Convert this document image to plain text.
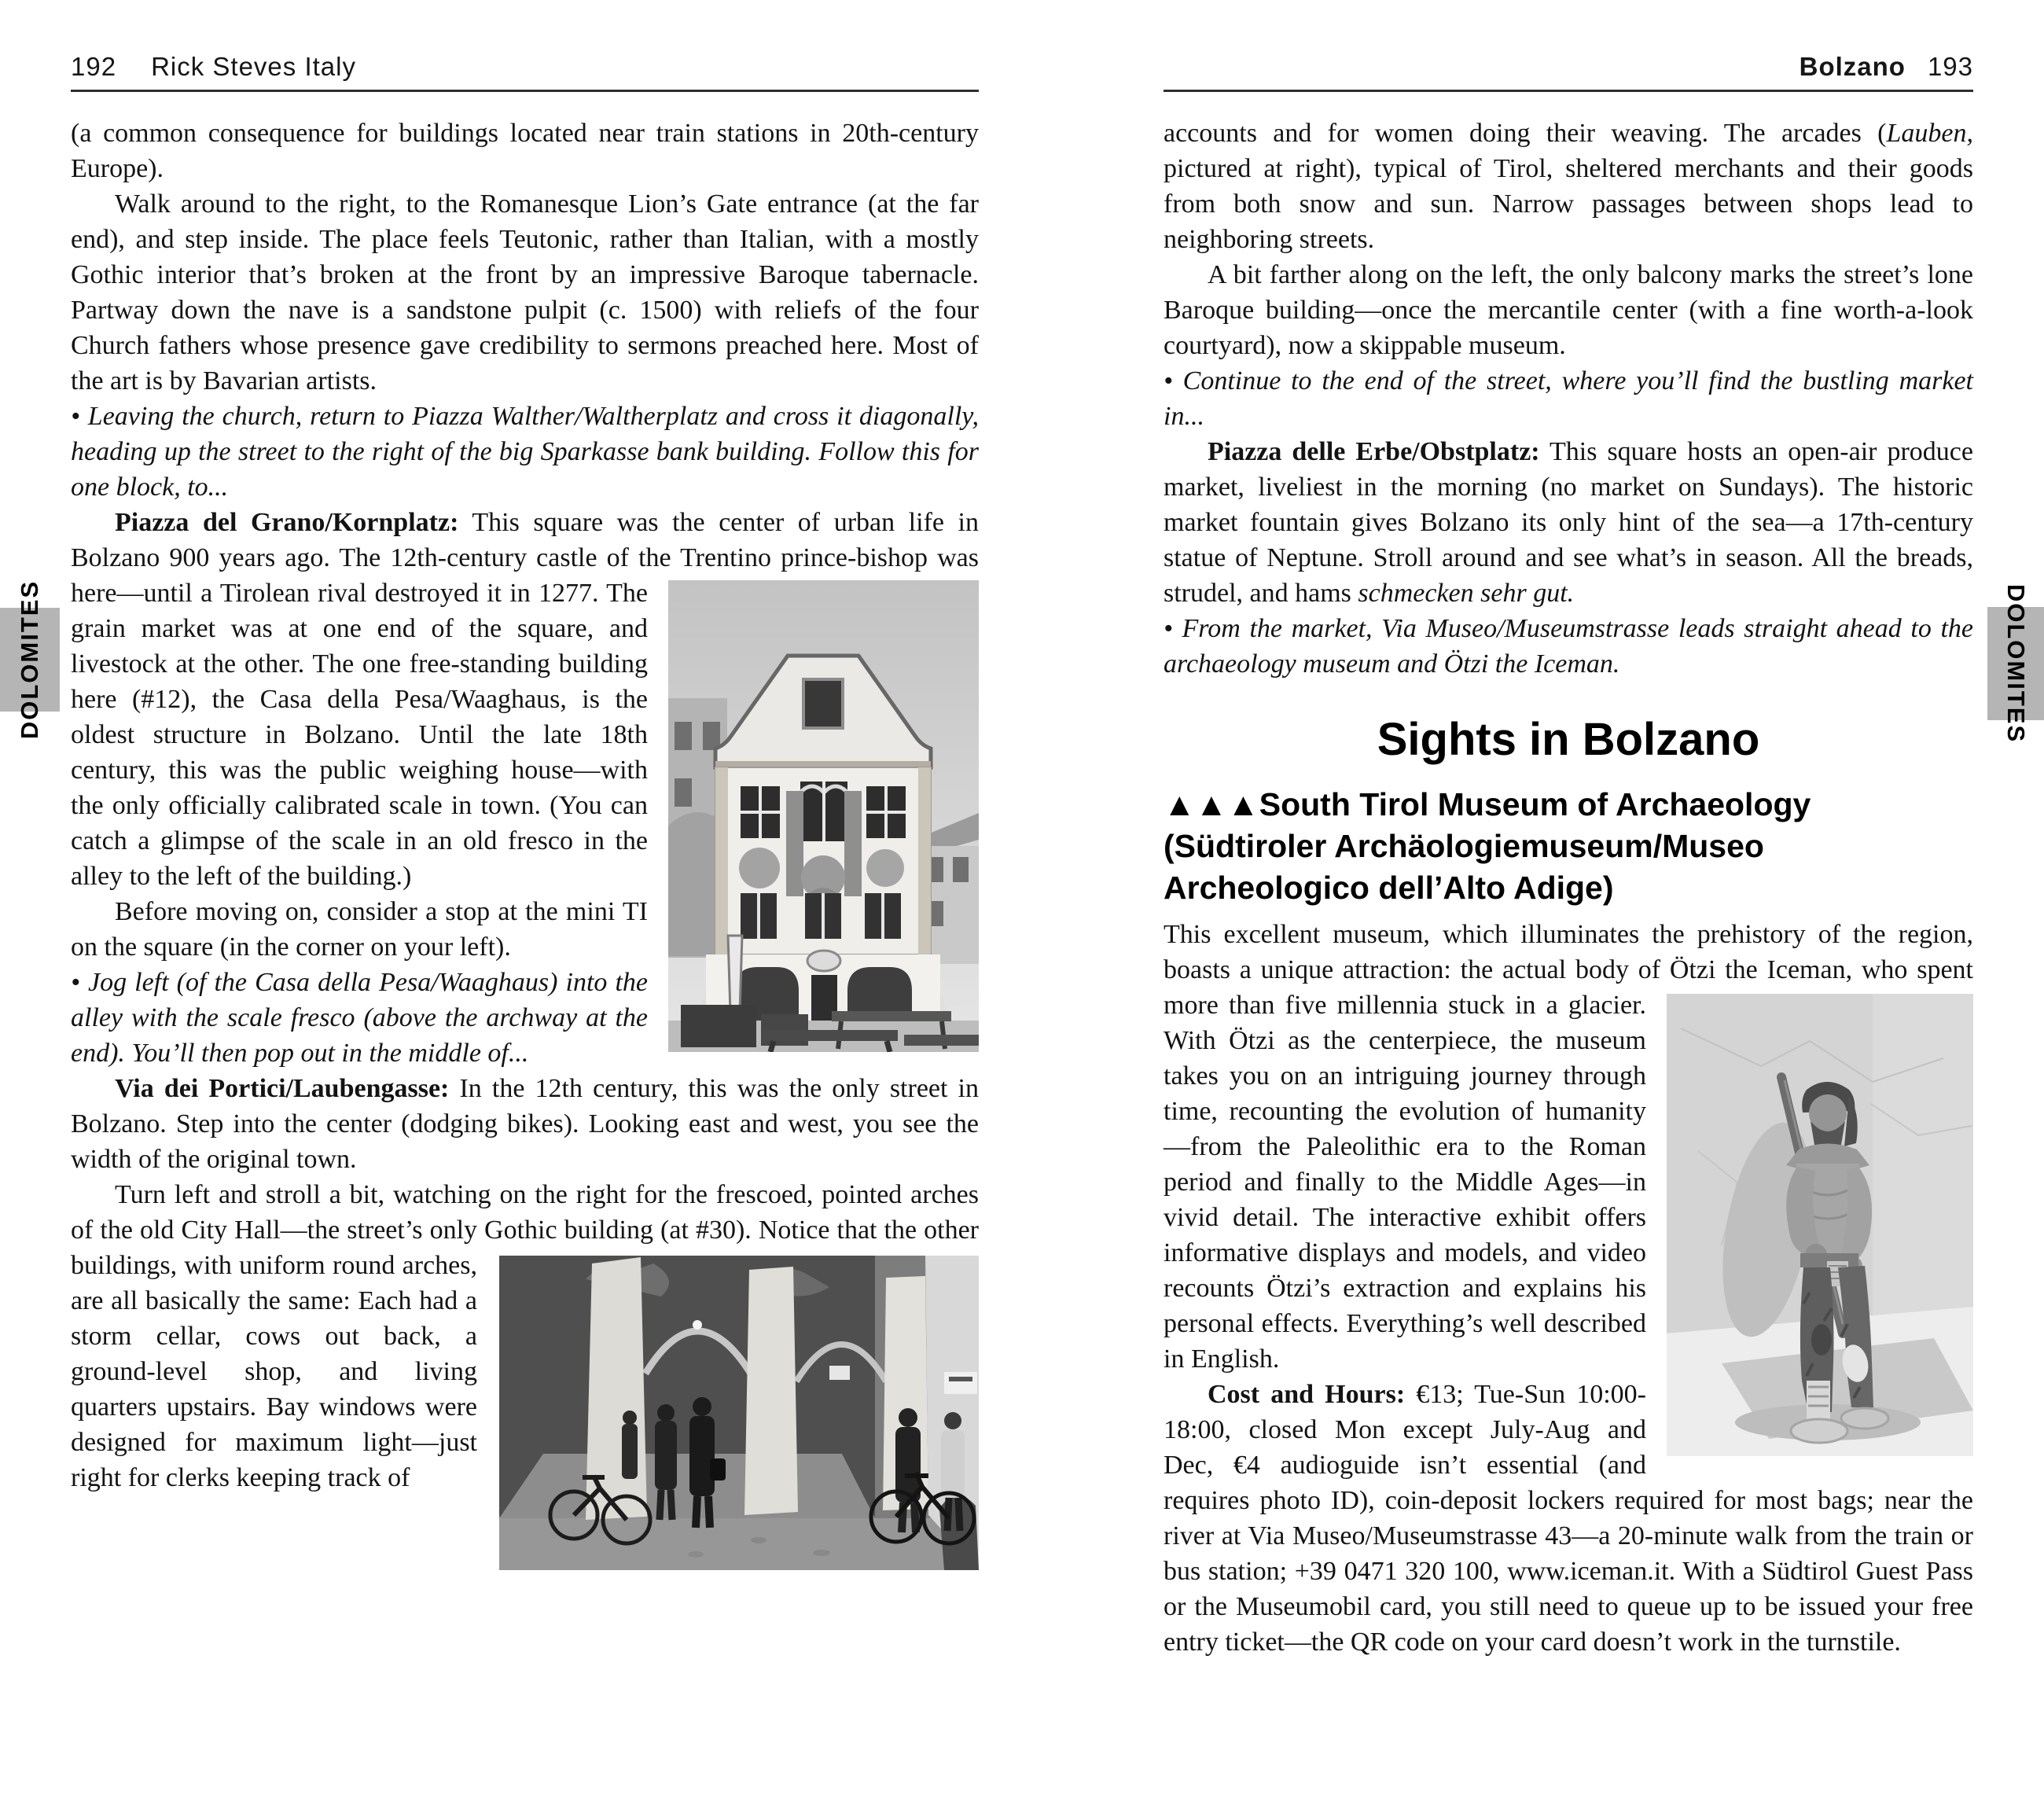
192 Rick Steves Italy

(a common consequence for buildings located near train stations in 20th-century Europe).

Walk around to the right, to the Romanesque Lion’s Gate entrance (at the far end), and step inside. The place feels Teutonic, rather than Italian, with a mostly Gothic interior that’s broken at the front by an impressive Baroque tabernacle. Partway down the nave is a sandstone pulpit (c. 1500) with reliefs of the four Church fathers whose presence gave credibility to sermons preached here. Most of the art is by Bavarian artists.

• Leaving the church, return to Piazza Walther/Waltherplatz and cross it diagonally, heading up the street to the right of the big Sparkasse bank building. Follow this for one block, to...

Piazza del Grano/Kornplatz: This square was the center of urban life in Bolzano 900 years ago. The 12th-century castle of the Trentino prince-bishop was here—until
a Tirolean rival destroyed it in 1277. The grain market was at one end of the square, and livestock at the other. The one free-standing building here (#12), the Casa della Pesa/Waaghaus, is the oldest structure in Bolzano. Until the late 18th century, this was the public weighing house—with the only officially calibrated scale in town. (You can catch a glimpse of the scale in an old fresco in the alley to the left of the building.)

Before moving on, consider a stop at the mini TI on the square (in the corner on your left).

• Jog left (of the Casa della Pesa/Waaghaus) into the alley with the scale fresco (above the archway at the end). You’ll then pop out in the middle of...

Via dei Portici/Laubengasse: In the 12th century, this was the only street in Bolzano. Step into the center (dodging bikes). Looking east and west, you see the width of the original town.

Turn left and stroll a bit, watching on the right for the frescoed, pointed arches of the old City Hall—the street’s only Gothic
building (at #30). Notice that the other buildings, with uniform round arches, are all basically the same: Each had a storm cellar, cows out back, a ground-level shop, and living quarters upstairs. Bay windows were designed for maximum light—just right for clerks keeping track of

Bolzano 193

accounts and for women doing their weaving. The arcades (Lauben, pictured at right), typical of Tirol, sheltered merchants and their goods from both snow and sun. Narrow passages between shops lead to neighboring streets.

A bit farther along on the left, the only balcony marks the street’s lone Baroque building—once the mercantile center (with a fine worth-a-look courtyard), now a skippable museum.

• Continue to the end of the street, where you’ll find the bustling market in...

Piazza delle Erbe/Obstplatz: This square hosts an open-air produce market, liveliest in the morning (no market on Sundays). The historic market fountain gives Bolzano its only hint of the sea—a 17th-century statue of Neptune. Stroll around and see what’s in season. All the breads, strudel, and hams schmecken sehr gut.

• From the market, Via Museo/Museumstrasse leads straight ahead to the archaeology museum and Ötzi the Iceman.

Sights in Bolzano
▲▲▲South Tirol Museum of Archaeology (Südtiroler Archäologiemuseum/Museo Archeologico dell’Alto Adige)

This excellent museum, which illuminates the prehistory of the region, boasts a unique attraction: the actual body of Ötzi the Iceman,
who spent more than five millennia stuck in a glacier. With Ötzi as the centerpiece, the museum takes you on an intriguing journey through time, recounting the evolution of humanity—from the Paleolithic era to the Roman period and finally to the Middle Ages—in vivid detail. The interactive exhibit offers informative displays and models, and video recounts Ötzi’s extraction and explains his personal effects. Everything’s well described in English.

Cost and Hours: €13; Tue-Sun 10:00-18:00, closed Mon except July-Aug and Dec, €4 audioguide isn’t essential (and requires photo ID), coin-deposit lockers required for most bags; near the river at Via Museo/Museumstrasse 43—a 20-minute walk from the train or bus station; +39 0471 320 100, www.iceman.it. With a Südtirol Guest Pass or the Museumobil card, you still need to queue up to be issued your free entry ticket—the QR code on your card doesn’t work in the turnstile.

DOLOMITES	DOLOMITES
